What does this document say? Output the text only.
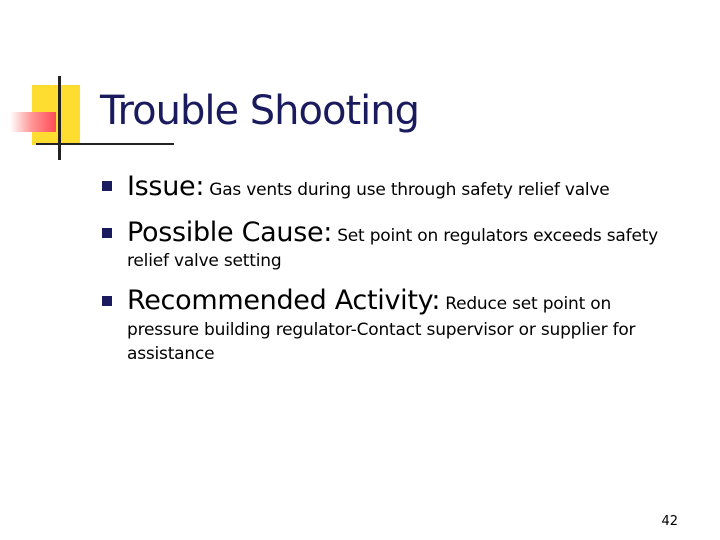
Trouble Shooting
Issue: Gas vents during use through safety relief valve
Possible Cause: Set point on regulators exceeds safety
relief valve setting
Recommended Activity: Reduce set point on
pressure building regulator-Contact supervisor or supplier for
assistance
42
